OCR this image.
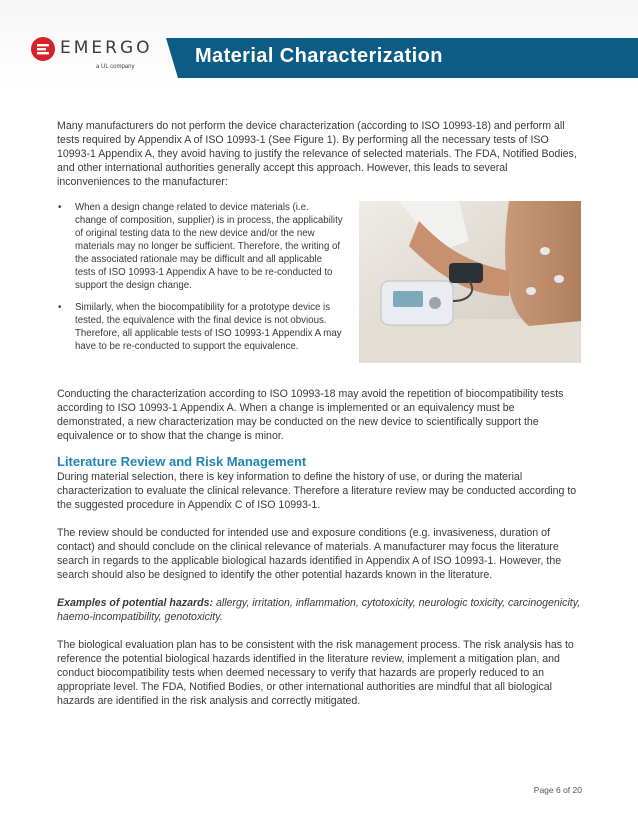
EMERGO
a UL company	Material Characterization

Many manufacturers do not perform the device characterization (according to ISO 10993-18) and perform all tests required by Appendix A of ISO 10993-1 (See Figure 1). By performing all the necessary tests of ISO 10993-1 Appendix A, they avoid having to justify the relevance of selected materials. The FDA, Notified Bodies, and other international authorities generally accept this approach. However, this leads to several inconveniences to the manufacturer:

• When a design change related to device materials (i.e. change of composition, supplier) is in process, the applicability of original testing data to the new device and/or the new materials may no longer be sufficient. Therefore, the writing of the associated rationale may be difficult and all applicable tests of ISO 10993-1 Appendix A have to be re-conducted to support the design change.
• Similarly, when the biocompatibility for a prototype device is tested, the equivalence with the final device is not obvious. Therefore, all applicable tests of ISO 10993-1 Appendix A may have to be re-conducted to support the equivalence.

Conducting the characterization according to ISO 10993-18 may avoid the repetition of biocompatibility tests according to ISO 10993-1 Appendix A. When a change is implemented or an equivalency must be demonstrated, a new characterization may be conducted on the new device to scientifically support the equivalence or to show that the change is minor.

Literature Review and Risk Management

During material selection, there is key information to define the history of use, or during the material characterization to evaluate the clinical relevance. Therefore a literature review may be conducted according to the suggested procedure in Appendix C of ISO 10993-1.

The review should be conducted for intended use and exposure conditions (e.g. invasiveness, duration of contact) and should conclude on the clinical relevance of materials. A manufacturer may focus the literature search in regards to the applicable biological hazards identified in Appendix A of ISO 10993-1. However, the search should also be designed to identify the other potential hazards known in the literature.

Examples of potential hazards: allergy, irritation, inflammation, cytotoxicity, neurologic toxicity, carcinogenicity, haemo-incompatibility, genotoxicity.

The biological evaluation plan has to be consistent with the risk management process. The risk analysis has to reference the potential biological hazards identified in the literature review, implement a mitigation plan, and conduct biocompatibility tests when deemed necessary to verify that hazards are properly reduced to an appropriate level. The FDA, Notified Bodies, or other international authorities are mindful that all biological hazards are identified in the risk analysis and correctly mitigated.

Page 6 of 20
